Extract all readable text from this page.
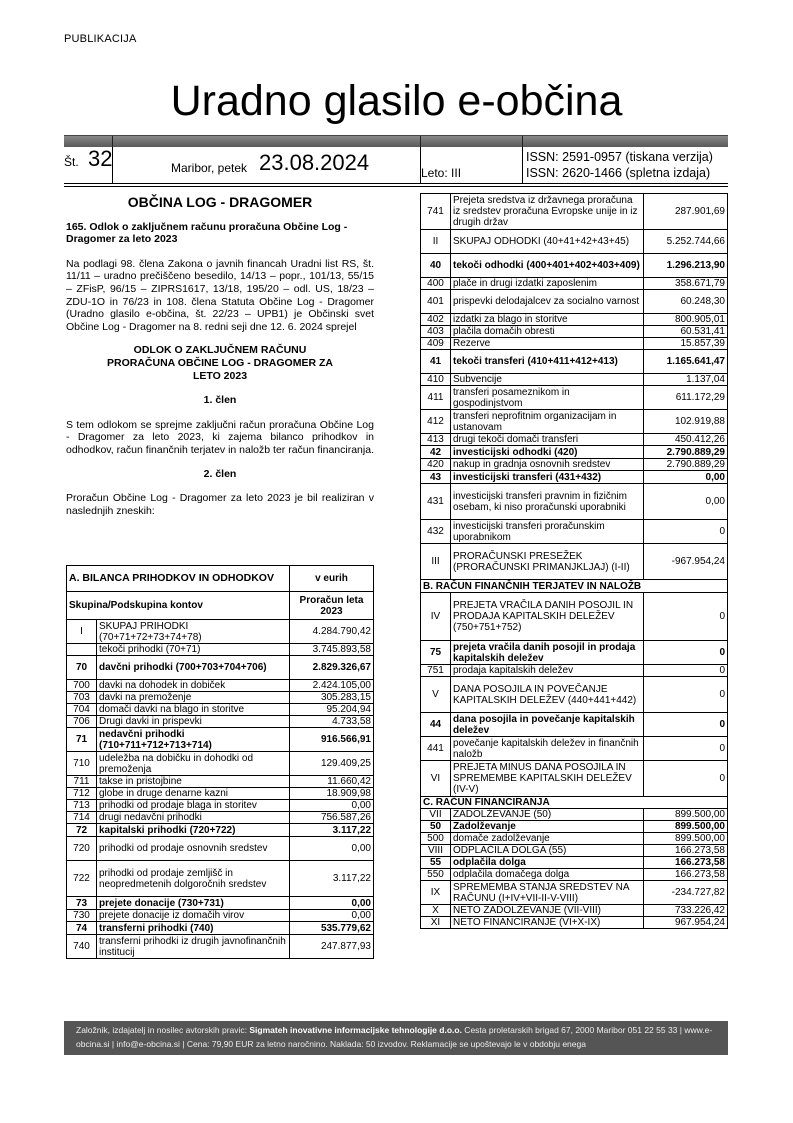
PUBLIKACIJA
Uradno glasilo e-občina
Št. 32	Maribor, petek 23.08.2024	Leto: III
ISSN: 2591-0957 (tiskana verzija)
ISSN: 2620-1466 (spletna izdaja)
OBČINA LOG - DRAGOMER
165. Odlok o zaključnem računu proračuna Občine Log - Dragomer za leto 2023
Na podlagi 98. člena Zakona o javnih financah Uradni list RS, št. 11/11 – uradno prečiščeno besedilo, 14/13 – popr., 101/13, 55/15 – ZFisP, 96/15 – ZIPRS1617, 13/18, 195/20 – odl. US, 18/23 – ZDU-1O in 76/23 in 108. člena Statuta Občine Log - Dragomer (Uradno glasilo e-občina, št. 22/23 – UPB1) je Občinski svet Občine Log - Dragomer na 8. redni seji dne 12. 6. 2024 sprejel
ODLOK O ZAKLJUČNEM RAČUNU PRORAČUNA OBČINE LOG - DRAGOMER ZA LETO 2023
1. člen
S tem odlokom se sprejme zaključni račun proračuna Občine Log - Dragomer za leto 2023, ki zajema bilanco prihodkov in odhodkov, račun finančnih terjatev in naložb ter račun financiranja.
2. člen
Proračun Občine Log - Dragomer za leto 2023 je bil realiziran v naslednjih zneskih:
A. BILANCA PRIHODKOV IN ODHODKOV		v eurih
Skupina/Podskupina kontov		Proračun leta 2023
I	SKUPAJ PRIHODKI (70+71+72+73+74+78)	4.284.790,42
	tekoči prihodki (70+71)	3.745.893,58
70	davčni prihodki (700+703+704+706)	2.829.326,67
700	davki na dohodek in dobiček	2.424.105,00
703	davki na premoženje	305.283,15
704	domači davki na blago in storitve	95.204,94
706	Drugi davki in prispevki	4.733,58
71	nedavčni prihodki (710+711+712+713+714)	916.566,91
710	udeležba na dobičku in dohodki od premoženja	129.409,25
711	takse in pristojbine	11.660,42
712	globe in druge denarne kazni	18.909,98
713	prihodki od prodaje blaga in storitev	0,00
714	drugi nedavčni prihodki	756.587,26
72	kapitalski prihodki (720+722)	3.117,22
720	prihodki od prodaje osnovnih sredstev	0,00
722	prihodki od prodaje zemljišč in neopredmetenih dolgoročnih sredstev	3.117,22
73	prejete donacije (730+731)	0,00
730	prejete donacije iz domačih virov	0,00
74	transferni prihodki (740)	535.779,62
740	transferni prihodki iz drugih javnofinančnih institucij	247.877,93
741	Prejeta sredstva iz državnega proračuna iz sredstev proračuna Evropske unije in iz drugih držav	287.901,69
II	SKUPAJ ODHODKI (40+41+42+43+45)	5.252.744,66
40	tekoči odhodki (400+401+402+403+409)	1.296.213,90
400	plače in drugi izdatki zaposlenim	358.671,79
401	prispevki delodajalcev za socialno varnost	60.248,30
402	izdatki za blago in storitve	800.905,01
403	plačila domačih obresti	60.531,41
409	Rezerve	15.857,39
41	tekoči transferi (410+411+412+413)	1.165.641,47
410	Subvencije	1.137,04
411	transferi posameznikom in gospodinjstvom	611.172,29
412	transferi neprofitnim organizacijam in ustanovam	102.919,88
413	drugi tekoči domači transferi	450.412,26
42	investicijski odhodki (420)	2.790.889,29
420	nakup in gradnja osnovnih sredstev	2.790.889,29
43	investicijski transferi (431+432)	0,00
431	investicijski transferi pravnim in fizičnim osebam, ki niso proračunski uporabniki	0,00
432	investicijski transferi proračunskim uporabnikom	0
III	PRORAČUNSKI PRESEŽEK (PRORAČUNSKI PRIMANJKLJAJ) (I-II)	-967.954,24
B. RAČUN FINANČNIH TERJATEV IN NALOŽB		
IV	PREJETA VRAČILA DANIH POSOJIL IN PRODAJA KAPITALSKIH DELEŽEV (750+751+752)	0
75	prejeta vračila danih posojil in prodaja kapitalskih deležev	0
751	prodaja kapitalskih deležev	0
V	DANA POSOJILA IN POVEČANJE KAPITALSKIH DELEŽEV (440+441+442)	0
44	dana posojila in povečanje kapitalskih deležev	0
441	povečanje kapitalskih deležev in finančnih naložb	0
VI	PREJETA MINUS DANA POSOJILA IN SPREMEMBE KAPITALSKIH DELEŽEV (IV-V)	0
C. RAČUN FINANCIRANJA		
VII	ZADOLŽEVANJE (50)	899.500,00
50	Zadolževanje	899.500,00
500	domače zadolževanje	899.500,00
VIII	ODPLAČILA DOLGA (55)	166.273,58
55	odplačila dolga	166.273,58
550	odplačila domačega dolga	166.273,58
IX	SPREMEMBA STANJA SREDSTEV NA RAČUNU (I+IV+VII-II-V-VIII)	-234.727,82
X	NETO ZADOLŽEVANJE (VII-VIII)	733.226,42
XI	NETO FINANCIRANJE (VI+X-IX)	967.954,24
Založnik, izdajatelj in nosilec avtorskih pravic: Sigmateh inovativne informacijske tehnologije d.o.o. Cesta proletarskih brigad 67, 2000 Maribor 051 22 55 33 | www.e-obcina.si | info@e-obcina.si | Cena: 79,90 EUR za letno naročnino. Naklada: 50 izvodov. Reklamacije se upoštevajo le v obdobju enega
